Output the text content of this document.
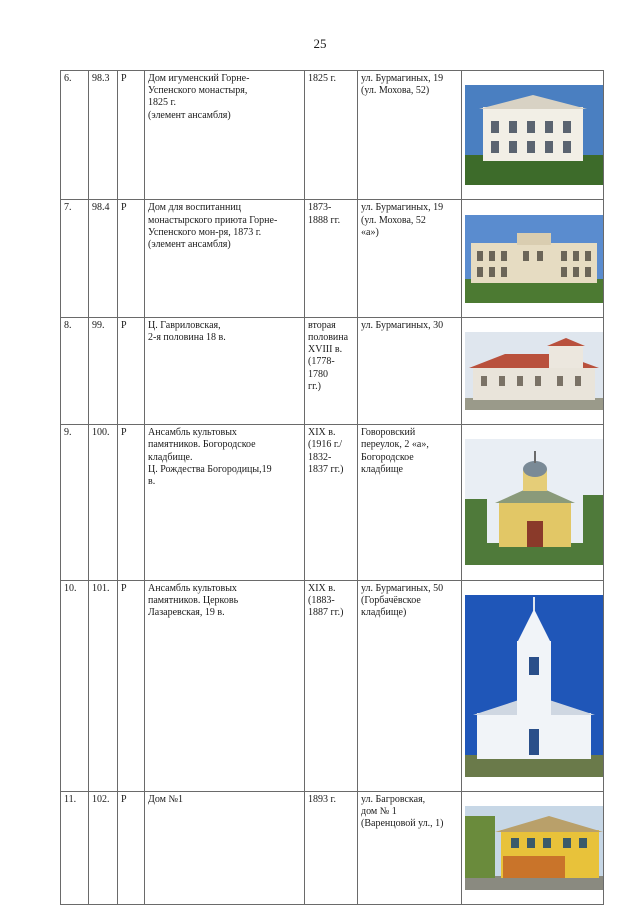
25
6.	98.3	Р	Дом игуменский Горне-
Успенского монастыря,
1825 г.
(элемент ансамбля)	1825 г.	ул. Бурмагиных, 19
(ул. Мохова, 52)	

7.	98.4	Р	Дом для воспитанниц
монастырского приюта Горне-
Успенского мон-ря, 1873 г.
(элемент ансамбля)	1873-
1888 гг.	ул. Бурмагиных, 19
(ул. Мохова, 52
«а»)	

8.	99.	Р	Ц. Гавриловская,
2-я половина 18 в.	вторая
половина
XVIII в.
(1778-1780
гг.)	ул. Бурмагиных, 30	

9.	100.	Р	Ансамбль культовых
памятников. Богородское
кладбище.
Ц. Рождества Богородицы,19
в.	XIX в.
(1916 г./
1832-
1837 гг.)	Говоровский
переулок, 2 «а»,
Богородское
кладбище	

10.	101.	Р	Ансамбль культовых
памятников. Церковь
Лазаревская, 19 в.	XIX в.
(1883-
1887 гг.)	ул. Бурмагиных, 50
(Горбачёвское
кладбище)	

11.	102.	Р	Дом №1	1893 г.	ул. Багровская,
дом № 1
(Варенцовой ул., 1)	
